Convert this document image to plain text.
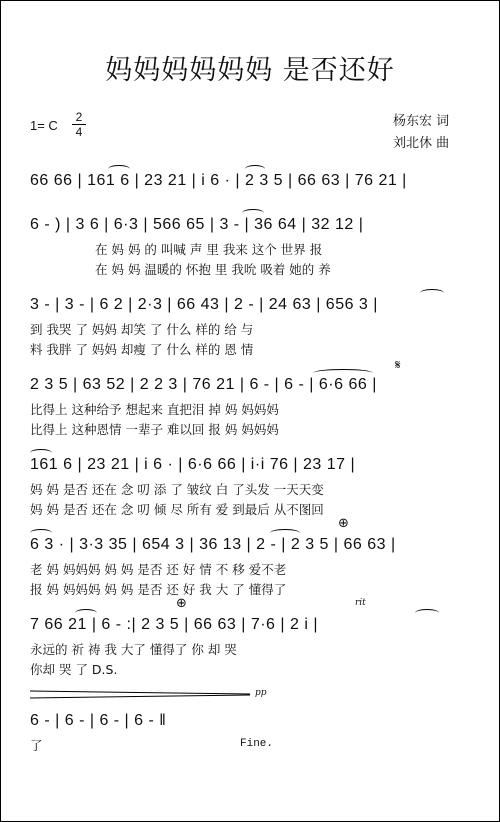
妈妈妈妈妈妈 是否还好
1= C
2
4
杨东宏 词
刘北休 曲
66 66 | 161 6 | 23 21 | i 6 · | 2 3 5 | 66 63 | 76 21 |
6 - ) | 3 6 | 6·3 | 566 65 | 3 - | 36 64 | 32 12 |
在 妈 妈 的 叫喊 声 里 我来 这个 世界 报
在 妈 妈 温暖的 怀抱 里 我吮 吸着 她的 养
3 - | 3 - | 6 2 | 2·3 | 66 43 | 2 - | 24 63 | 656 3 |
到 我哭 了 妈妈 却笑 了 什么 样的 给 与
料 我胖 了 妈妈 却瘦 了 什么 样的 恩 情
𝄋
2 3 5 | 63 52 | 2 2 3 | 76 21 | 6 - | 6 - | 6·6 66 |
比得上 这种给予 想起来 直把泪 掉 妈 妈妈妈
比得上 这种恩情 一辈子 难以回 报 妈 妈妈妈
161 6 | 23 21 | i 6 · | 6·6 66 | i·i 76 | 23 17 |
妈 妈 是否 还在 念 叨 添 了 皱纹 白 了头发 一天天变
妈 妈 是否 还在 念 叨 倾 尽 所有 爱 到最后 从不图回
⊕
6 3 · | 3·3 35 | 654 3 | 36 13 | 2 - | 2 3 5 | 66 63 |
老 妈 妈妈妈 妈 妈 是否 还 好 情 不 移 爱不老
报 妈 妈妈妈 妈 妈 是否 还 好 我 大 了 懂得了
⊕	rit
7 66 21 | 6 - :| 2 3 5 | 66 63 | 7·6 | 2 i |
永远的 祈 祷 我 大了 懂得了 你 却 哭
你却 哭 了 D.S.
pp
6 - | 6 - | 6 - | 6 - ‖
了	Fine.
